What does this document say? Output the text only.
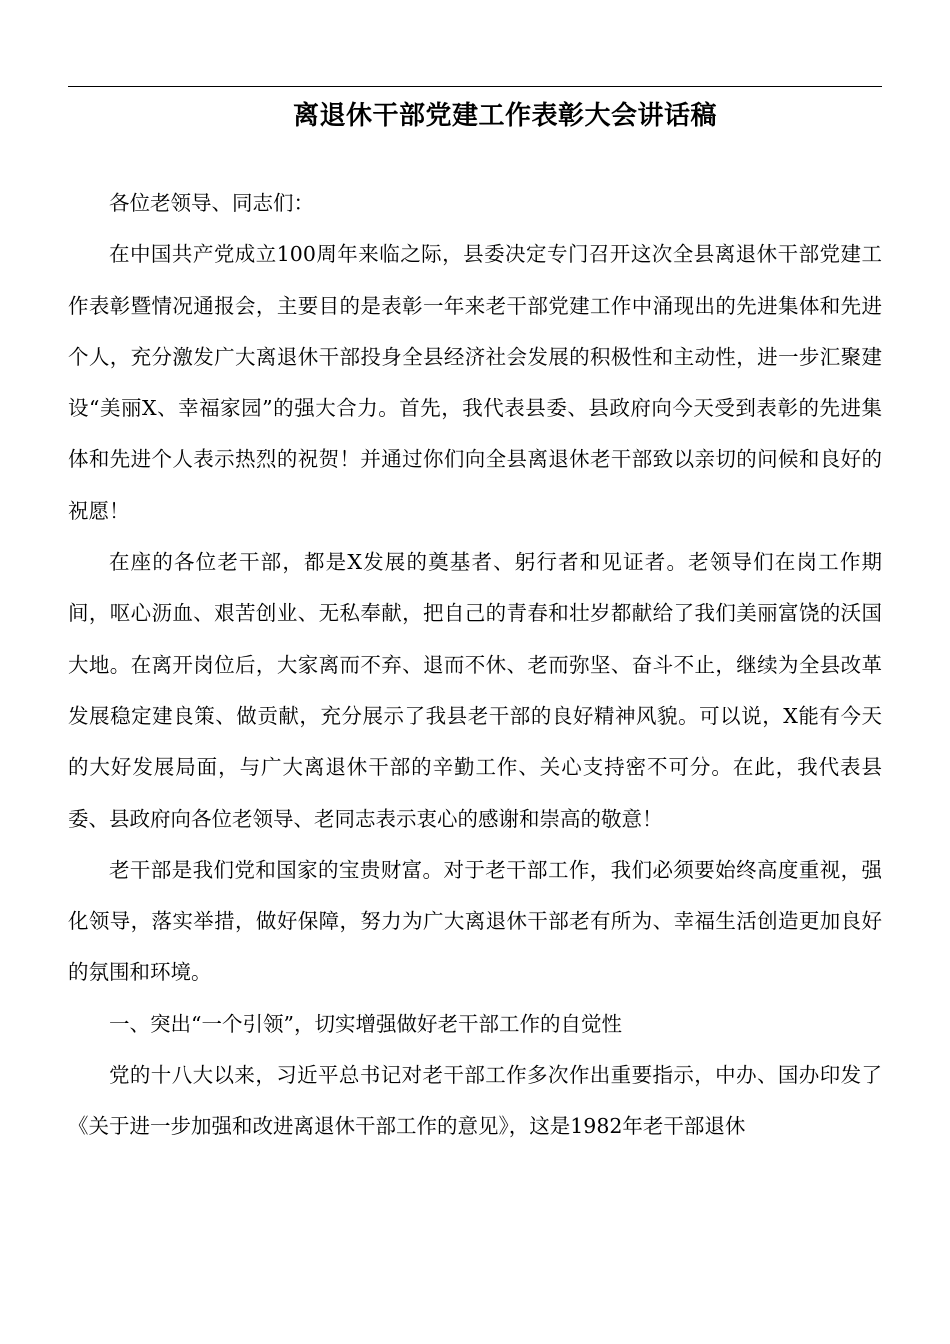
离退休干部党建工作表彰大会讲话稿

各位老领导、同志们：

在中国共产党成立100周年来临之际，县委决定专门召开这次全县离退休干部党建工作表彰暨情况通报会，主要目的是表彰一年来老干部党建工作中涌现出的先进集体和先进个人，充分激发广大离退休干部投身全县经济社会发展的积极性和主动性，进一步汇聚建设“美丽X、幸福家园”的强大合力。首先，我代表县委、县政府向今天受到表彰的先进集体和先进个人表示热烈的祝贺！并通过你们向全县离退休老干部致以亲切的问候和良好的祝愿！

在座的各位老干部，都是X发展的奠基者、躬行者和见证者。老领导们在岗工作期间，呕心沥血、艰苦创业、无私奉献，把自己的青春和壮岁都献给了我们美丽富饶的沃国大地。在离开岗位后，大家离而不弃、退而不休、老而弥坚、奋斗不止，继续为全县改革发展稳定建良策、做贡献，充分展示了我县老干部的良好精神风貌。可以说，X能有今天的大好发展局面，与广大离退休干部的辛勤工作、关心支持密不可分。在此，我代表县委、县政府向各位老领导、老同志表示衷心的感谢和崇高的敬意！

老干部是我们党和国家的宝贵财富。对于老干部工作，我们必须要始终高度重视，强化领导，落实举措，做好保障，努力为广大离退休干部老有所为、幸福生活创造更加良好的氛围和环境。

一、突出“一个引领”，切实增强做好老干部工作的自觉性

党的十八大以来，习近平总书记对老干部工作多次作出重要指示，中办、国办印发了《关于进一步加强和改进离退休干部工作的意见》，这是1982年老干部退休
